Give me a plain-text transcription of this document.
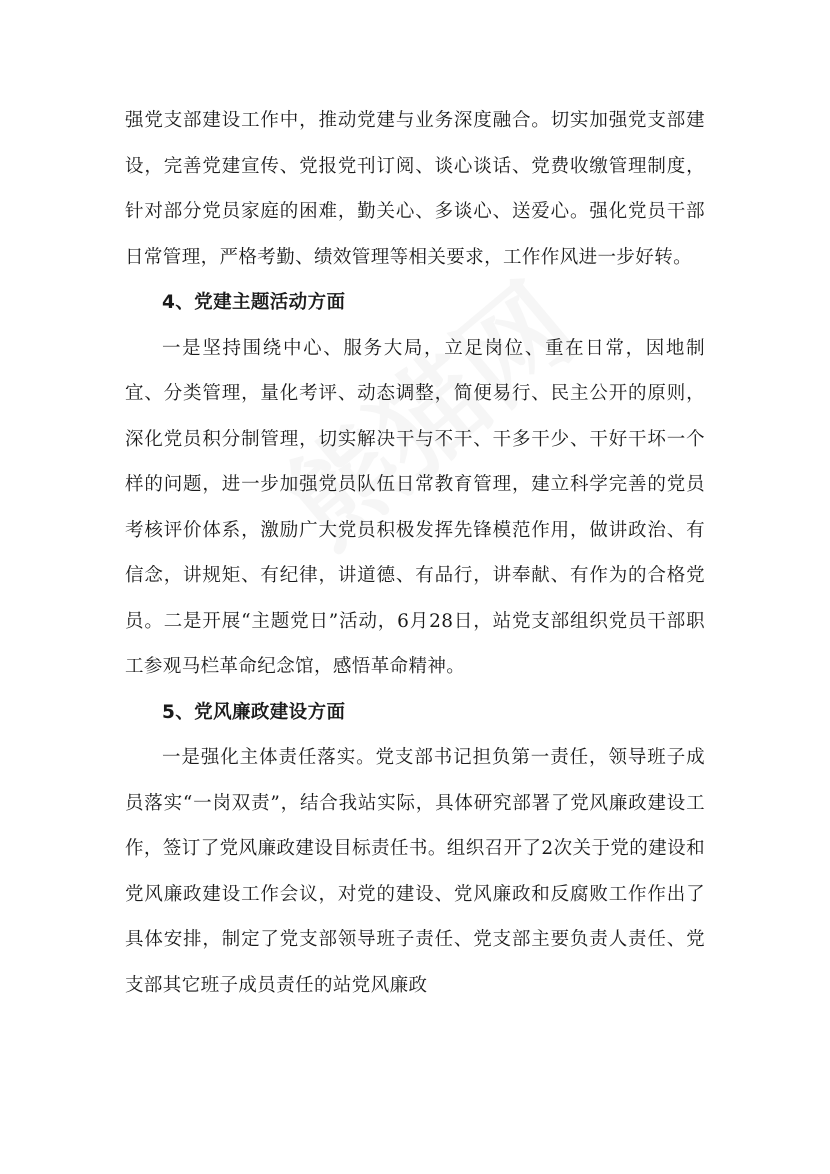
强党支部建设工作中，推动党建与业务深度融合。切实加强党支部建设，完善党建宣传、党报党刊订阅、谈心谈话、党费收缴管理制度，针对部分党员家庭的困难，勤关心、多谈心、送爱心。强化党员干部日常管理，严格考勤、绩效管理等相关要求，工作作风进一步好转。

4、党建主题活动方面

一是坚持围绕中心、服务大局，立足岗位、重在日常，因地制宜、分类管理，量化考评、动态调整，简便易行、民主公开的原则，深化党员积分制管理，切实解决干与不干、干多干少、干好干坏一个样的问题，进一步加强党员队伍日常教育管理，建立科学完善的党员考核评价体系，激励广大党员积极发挥先锋模范作用，做讲政治、有信念，讲规矩、有纪律，讲道德、有品行，讲奉献、有作为的合格党员。二是开展“主题党日”活动，6月28日，站党支部组织党员干部职工参观马栏革命纪念馆，感悟革命精神。

5、党风廉政建设方面

一是强化主体责任落实。党支部书记担负第一责任，领导班子成员落实“一岗双责”，结合我站实际，具体研究部署了党风廉政建设工作，签订了党风廉政建设目标责任书。组织召开了2次关于党的建设和党风廉政建设工作会议，对党的建设、党风廉政和反腐败工作作出了具体安排，制定了党支部领导班子责任、党支部主要负责人责任、党支部其它班子成员责任的站党风廉政
